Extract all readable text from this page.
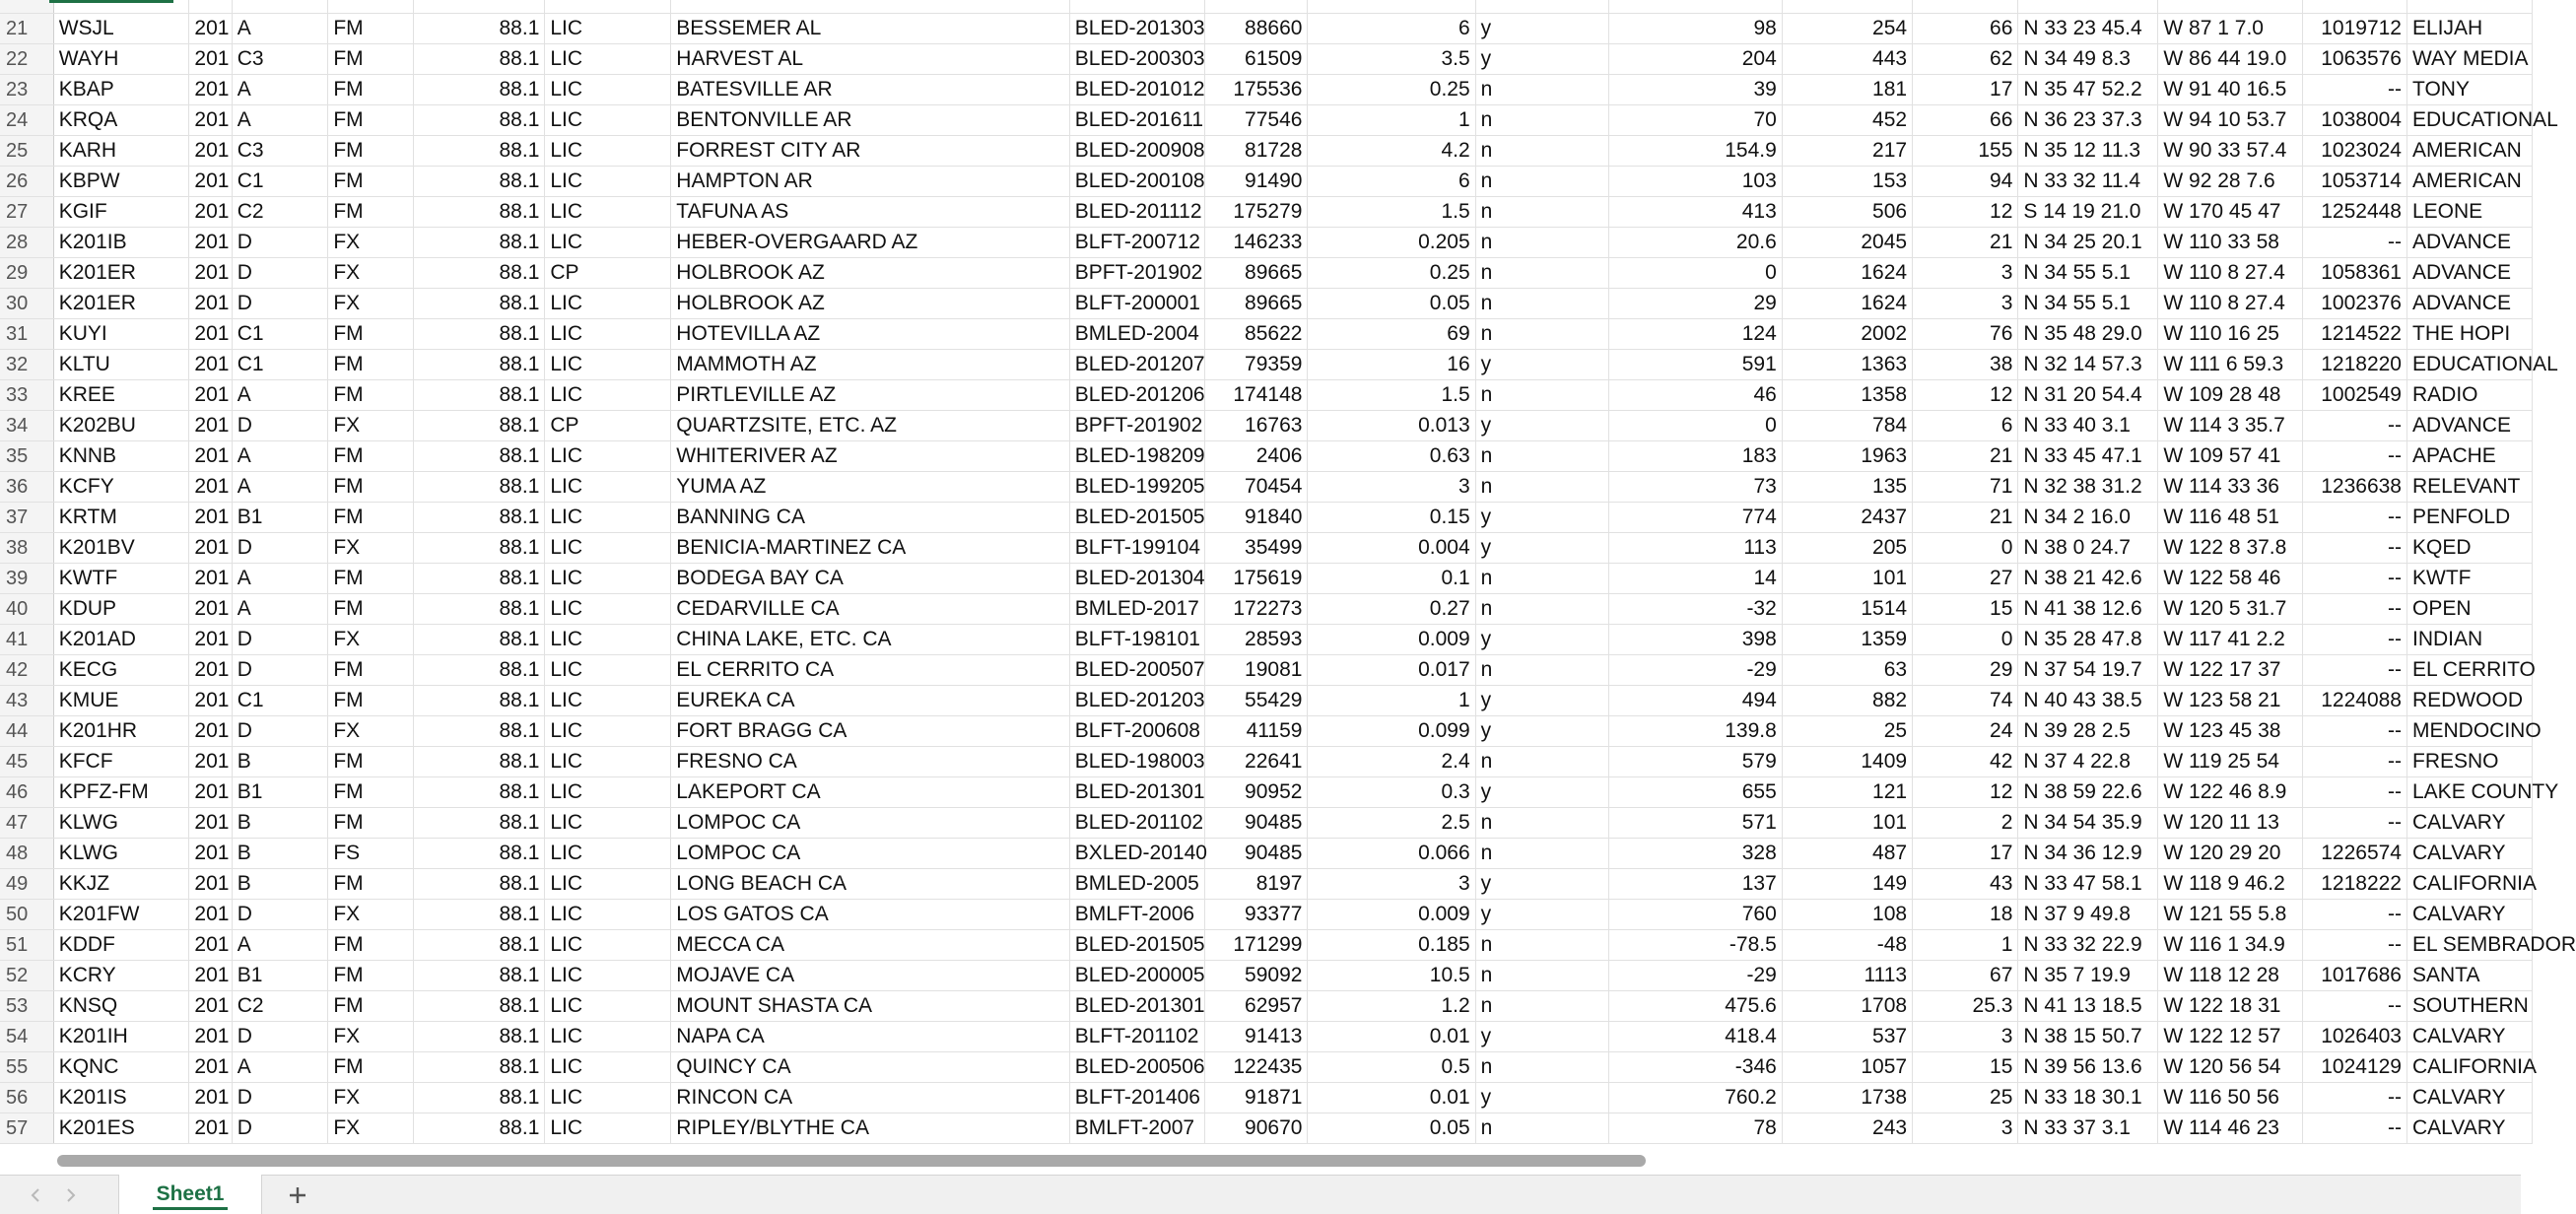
21	WSJL	201	A	FM	88.1	LIC	BESSEMER AL	BLED-201303	88660	6	y	98	254	66	N 33 23 45.4	W 87 1 7.0	1019712	ELIJAH
22	WAYH	201	C3	FM	88.1	LIC	HARVEST AL	BLED-200303	61509	3.5	y	204	443	62	N 34 49 8.3	W 86 44 19.0	1063576	WAY MEDIA
23	KBAP	201	A	FM	88.1	LIC	BATESVILLE AR	BLED-201012	175536	0.25	n	39	181	17	N 35 47 52.2	W 91 40 16.5	--	TONY
24	KRQA	201	A	FM	88.1	LIC	BENTONVILLE AR	BLED-201611	77546	1	n	70	452	66	N 36 23 37.3	W 94 10 53.7	1038004	EDUCATIONAL
25	KARH	201	C3	FM	88.1	LIC	FORREST CITY AR	BLED-200908	81728	4.2	n	154.9	217	155	N 35 12 11.3	W 90 33 57.4	1023024	AMERICAN
26	KBPW	201	C1	FM	88.1	LIC	HAMPTON AR	BLED-200108	91490	6	n	103	153	94	N 33 32 11.4	W 92 28 7.6	1053714	AMERICAN
27	KGIF	201	C2	FM	88.1	LIC	TAFUNA AS	BLED-201112	175279	1.5	n	413	506	12	S 14 19 21.0	W 170 45 47	1252448	LEONE
28	K201IB	201	D	FX	88.1	LIC	HEBER-OVERGAARD AZ	BLFT-200712	146233	0.205	n	20.6	2045	21	N 34 25 20.1	W 110 33 58	--	ADVANCE
29	K201ER	201	D	FX	88.1	CP	HOLBROOK AZ	BPFT-201902	89665	0.25	n	0	1624	3	N 34 55 5.1	W 110 8 27.4	1058361	ADVANCE
30	K201ER	201	D	FX	88.1	LIC	HOLBROOK AZ	BLFT-200001	89665	0.05	n	29	1624	3	N 34 55 5.1	W 110 8 27.4	1002376	ADVANCE
31	KUYI	201	C1	FM	88.1	LIC	HOTEVILLA AZ	BMLED-2004	85622	69	n	124	2002	76	N 35 48 29.0	W 110 16 25	1214522	THE HOPI
32	KLTU	201	C1	FM	88.1	LIC	MAMMOTH AZ	BLED-201207	79359	16	y	591	1363	38	N 32 14 57.3	W 111 6 59.3	1218220	EDUCATIONAL
33	KREE	201	A	FM	88.1	LIC	PIRTLEVILLE AZ	BLED-201206	174148	1.5	n	46	1358	12	N 31 20 54.4	W 109 28 48	1002549	RADIO
34	K202BU	201	D	FX	88.1	CP	QUARTZSITE, ETC. AZ	BPFT-201902	16763	0.013	y	0	784	6	N 33 40 3.1	W 114 3 35.7	--	ADVANCE
35	KNNB	201	A	FM	88.1	LIC	WHITERIVER AZ	BLED-198209	2406	0.63	n	183	1963	21	N 33 45 47.1	W 109 57 41	--	APACHE
36	KCFY	201	A	FM	88.1	LIC	YUMA AZ	BLED-199205	70454	3	n	73	135	71	N 32 38 31.2	W 114 33 36	1236638	RELEVANT
37	KRTM	201	B1	FM	88.1	LIC	BANNING CA	BLED-201505	91840	0.15	y	774	2437	21	N 34 2 16.0	W 116 48 51	--	PENFOLD
38	K201BV	201	D	FX	88.1	LIC	BENICIA-MARTINEZ CA	BLFT-199104	35499	0.004	y	113	205	0	N 38 0 24.7	W 122 8 37.8	--	KQED
39	KWTF	201	A	FM	88.1	LIC	BODEGA BAY CA	BLED-201304	175619	0.1	n	14	101	27	N 38 21 42.6	W 122 58 46	--	KWTF
40	KDUP	201	A	FM	88.1	LIC	CEDARVILLE CA	BMLED-2017	172273	0.27	n	-32	1514	15	N 41 38 12.6	W 120 5 31.7	--	OPEN
41	K201AD	201	D	FX	88.1	LIC	CHINA LAKE, ETC. CA	BLFT-198101	28593	0.009	y	398	1359	0	N 35 28 47.8	W 117 41 2.2	--	INDIAN
42	KECG	201	D	FM	88.1	LIC	EL CERRITO CA	BLED-200507	19081	0.017	n	-29	63	29	N 37 54 19.7	W 122 17 37	--	EL CERRITO
43	KMUE	201	C1	FM	88.1	LIC	EUREKA CA	BLED-201203	55429	1	y	494	882	74	N 40 43 38.5	W 123 58 21	1224088	REDWOOD
44	K201HR	201	D	FX	88.1	LIC	FORT BRAGG CA	BLFT-200608	41159	0.099	y	139.8	25	24	N 39 28 2.5	W 123 45 38	--	MENDOCINO
45	KFCF	201	B	FM	88.1	LIC	FRESNO CA	BLED-198003	22641	2.4	n	579	1409	42	N 37 4 22.8	W 119 25 54	--	FRESNO
46	KPFZ-FM	201	B1	FM	88.1	LIC	LAKEPORT CA	BLED-201301	90952	0.3	y	655	121	12	N 38 59 22.6	W 122 46 8.9	--	LAKE COUNTY
47	KLWG	201	B	FM	88.1	LIC	LOMPOC CA	BLED-201102	90485	2.5	n	571	101	2	N 34 54 35.9	W 120 11 13	--	CALVARY
48	KLWG	201	B	FS	88.1	LIC	LOMPOC CA	BXLED-20140	90485	0.066	n	328	487	17	N 34 36 12.9	W 120 29 20	1226574	CALVARY
49	KKJZ	201	B	FM	88.1	LIC	LONG BEACH CA	BMLED-2005	8197	3	y	137	149	43	N 33 47 58.1	W 118 9 46.2	1218222	CALIFORNIA
50	K201FW	201	D	FX	88.1	LIC	LOS GATOS CA	BMLFT-2006	93377	0.009	y	760	108	18	N 37 9 49.8	W 121 55 5.8	--	CALVARY
51	KDDF	201	A	FM	88.1	LIC	MECCA CA	BLED-201505	171299	0.185	n	-78.5	-48	1	N 33 32 22.9	W 116 1 34.9	--	EL SEMBRADOR
52	KCRY	201	B1	FM	88.1	LIC	MOJAVE CA	BLED-200005	59092	10.5	n	-29	1113	67	N 35 7 19.9	W 118 12 28	1017686	SANTA
53	KNSQ	201	C2	FM	88.1	LIC	MOUNT SHASTA CA	BLED-201301	62957	1.2	n	475.6	1708	25.3	N 41 13 18.5	W 122 18 31	--	SOUTHERN
54	K201IH	201	D	FX	88.1	LIC	NAPA CA	BLFT-201102	91413	0.01	y	418.4	537	3	N 38 15 50.7	W 122 12 57	1026403	CALVARY
55	KQNC	201	A	FM	88.1	LIC	QUINCY CA	BLED-200506	122435	0.5	n	-346	1057	15	N 39 56 13.6	W 120 56 54	1024129	CALIFORNIA
56	K201IS	201	D	FX	88.1	LIC	RINCON CA	BLFT-201406	91871	0.01	y	760.2	1738	25	N 33 18 30.1	W 116 50 56	--	CALVARY
57	K201ES	201	D	FX	88.1	LIC	RIPLEY/BLYTHE CA	BMLFT-2007	90670	0.05	n	78	243	3	N 33 37 3.1	W 114 46 23	--	CALVARY
Sheet1
